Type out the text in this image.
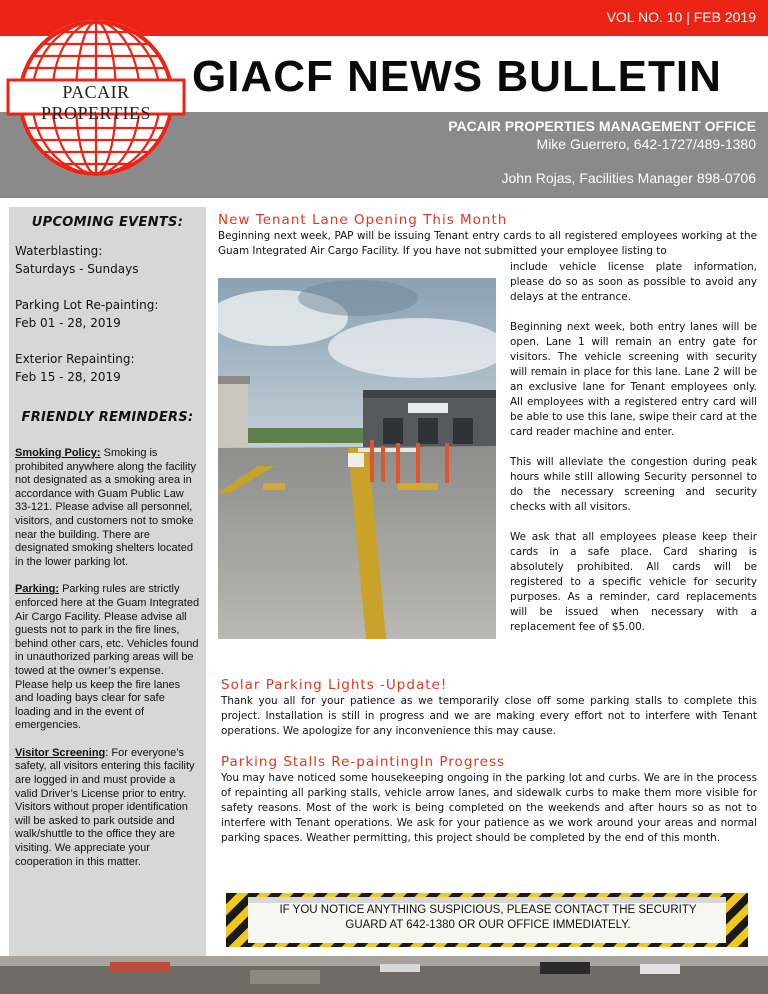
VOL NO. 10 | FEB 2019
PACAIR PROPERTIES
GIACF NEWS BULLETIN
PACAIR PROPERTIES MANAGEMENT OFFICE
Mike Guerrero, 642-1727/489-1380
John Rojas, Facilities Manager 898-0706
UPCOMING EVENTS:
Waterblasting:
Saturdays - Sundays
Parking Lot Re-painting:
Feb 01 - 28, 2019
Exterior Repainting:
Feb 15 - 28, 2019
FRIENDLY REMINDERS:

Smoking Policy: Smoking is prohibited anywhere along the facility not designated as a smoking area in accordance with Guam Public Law 33-121. Please advise all personnel, visitors, and customers not to smoke near the building. There are designated smoking shelters located in the lower parking lot.

Parking: Parking rules are strictly enforced here at the Guam Integrated Air Cargo Facility. Please advise all guests not to park in the fire lines, behind other cars, etc. Vehicles found in unauthorized parking areas will be towed at the owner’s expense. Please help us keep the fire lanes and loading bays clear for safe loading and in the event of emergencies.

Visitor Screening: For everyone’s safety, all visitors entering this facility are logged in and must provide a valid Driver’s License prior to entry. Visitors without proper identification will be asked to park outside and walk/shuttle to the office they are visiting. We appreciate your cooperation in this matter.

New Tenant Lane Opening This Month
Beginning next week, PAP will be issuing Tenant entry cards to all registered employees working at the Guam Integrated Air Cargo Facility. If you have not submitted your employee listing to

include vehicle license plate information, please do so as soon as possible to avoid any delays at the entrance.

Beginning next week, both entry lanes will be open. Lane 1 will remain an entry gate for visitors. The vehicle screening with security will remain in place for this lane. Lane 2 will be an exclusive lane for Tenant employees only. All employees with a registered entry card will be able to use this lane, swipe their card at the card reader machine and enter.

This will alleviate the congestion during peak hours while still allowing Security personnel to do the necessary screening and security checks with all visitors.

We ask that all employees please keep their cards in a safe place. Card sharing is absolutely prohibited. All cards will be registered to a specific vehicle for security purposes. As a reminder, card replacements will be issued when necessary with a replacement fee of $5.00.

Solar Parking Lights -Update!
Thank you all for your patience as we temporarily close off some parking stalls to complete this project. Installation is still in progress and we are making every effort not to interfere with Tenant operations. We apologize for any inconvenience this may cause.
Parking Stalls Re-paintingIn Progress
You may have noticed some housekeeping ongoing in the parking lot and curbs. We are in the process of repainting all parking stalls, vehicle arrow lanes, and sidewalk curbs to make them more visible for safety reasons. Most of the work is being completed on the weekends and after hours so as not to interfere with Tenant operations. We ask for your patience as we work around your areas and normal parking spaces. Weather permitting, this project should be completed by the end of this month.
IF YOU NOTICE ANYTHING SUSPICIOUS, PLEASE CONTACT THE SECURITY GUARD AT 642-1380 OR OUR OFFICE IMMEDIATELY.
